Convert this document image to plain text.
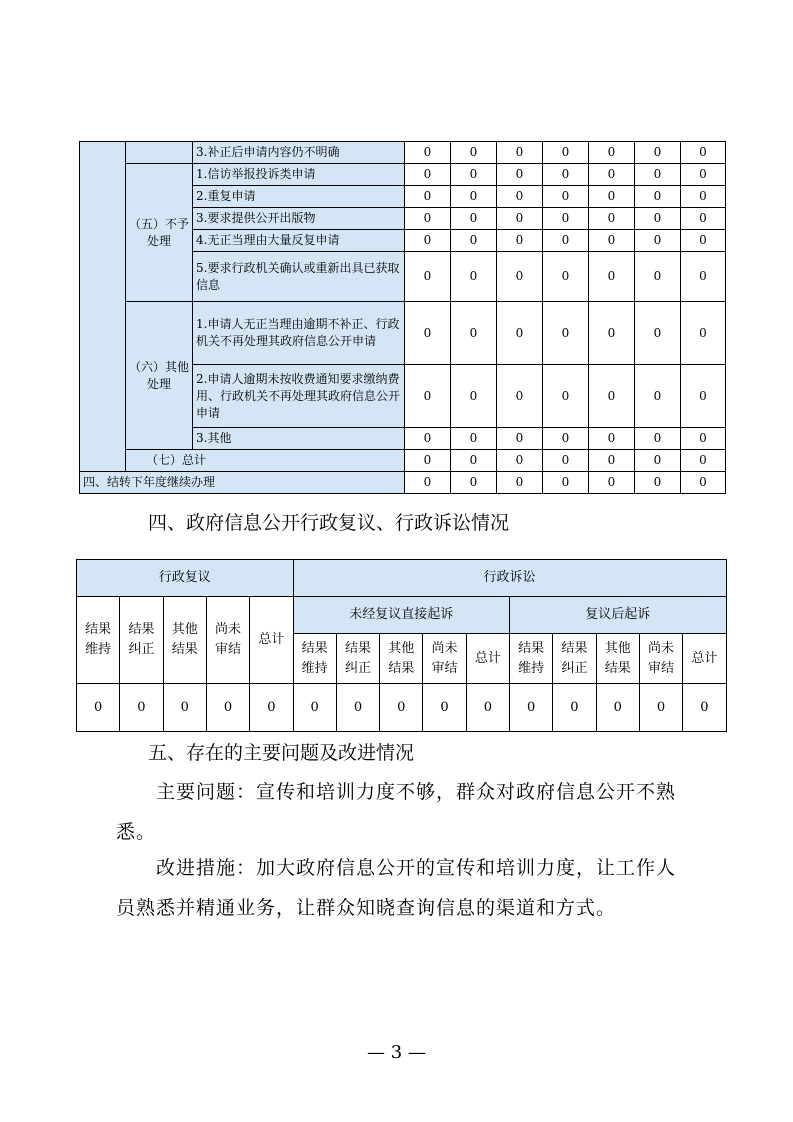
		3.补正后申请内容仍不明确	0	0	0	0	0	0	0
	（五）不予处理	1.信访举报投诉类申请	0	0	0	0	0	0	0
		2.重复申请	0	0	0	0	0	0	0
		3.要求提供公开出版物	0	0	0	0	0	0	0
		4.无正当理由大量反复申请	0	0	0	0	0	0	0
		5.要求行政机关确认或重新出具已获取信息	0	0	0	0	0	0	0
	（六）其他处理	1.申请人无正当理由逾期不补正、行政机关不再处理其政府信息公开申请	0	0	0	0	0	0	0
		2.申请人逾期未按收费通知要求缴纳费用、行政机关不再处理其政府信息公开申请	0	0	0	0	0	0	0
		3.其他	0	0	0	0	0	0	0
	（七）总计		0	0	0	0	0	0	0
四、结转下年度继续办理			0	0	0	0	0	0	0
四、政府信息公开行政复议、行政诉讼情况
行政复议					行政诉讼									
结果维持	结果纠正	其他结果	尚未审结	总计	未经复议直接起诉					复议后起诉				
					结果维持	结果纠正	其他结果	尚未审结	总计	结果维持	结果纠正	其他结果	尚未审结	总计
0	0	0	0	0	0	0	0	0	0	0	0	0	0	0
五、存在的主要问题及改进情况
主要问题：宣传和培训力度不够，群众对政府信息公开不熟悉。
改进措施：加大政府信息公开的宣传和培训力度，让工作人员熟悉并精通业务，让群众知晓查询信息的渠道和方式。
— 3 —
